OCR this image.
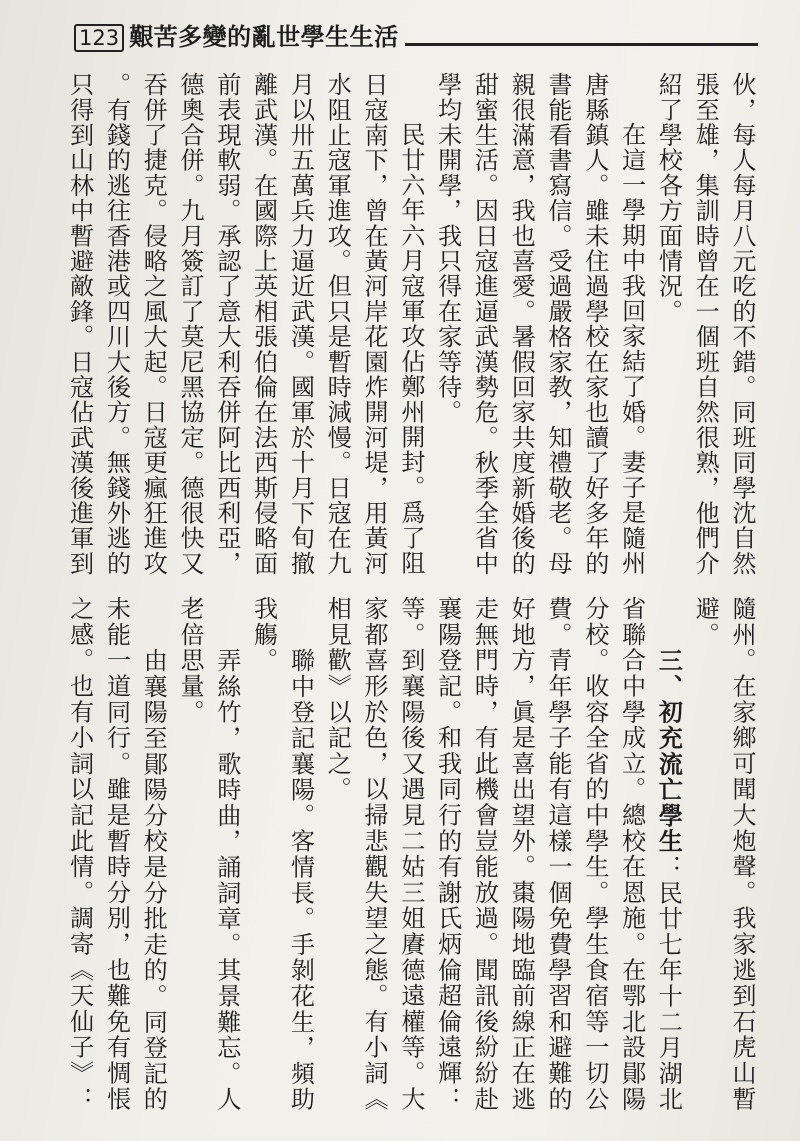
123 艱苦多變的亂世學生生活
伙，每人每月八元吃的不錯。同班同學沈自然
張至雄，集訓時曾在一個班自然很熟，他們介
紹了學校各方面情況。
在這一學期中我回家結了婚。妻子是隨州
唐縣鎮人。雖未住過學校在家也讀了好多年的
書能看書寫信。受過嚴格家教，知禮敬老。母
親很滿意，我也喜愛。暑假回家共度新婚後的
甜蜜生活。因日寇進逼武漢勢危。秋季全省中
學均未開學，我只得在家等待。
民廿六年六月寇軍攻佔鄭州開封。爲了阻
日寇南下，曾在黃河岸花園炸開河堤，用黃河
水阻止寇軍進攻。但只是暫時減慢。日寇在九
月以卅五萬兵力逼近武漢。國軍於十月下旬撤
離武漢。在國際上英相張伯倫在法西斯侵略面
前表現軟弱。承認了意大利吞併阿比西利亞，
德奧合併。九月簽訂了莫尼黑協定。德很快又
吞併了捷克。侵略之風大起。日寇更瘋狂進攻
。有錢的逃往香港或四川大後方。無錢外逃的
只得到山林中暫避敵鋒。日寇佔武漢後進軍到
隨州。在家鄉可聞大炮聲。我家逃到石虎山暫
避。
三、初充流亡學生：民廿七年十二月湖北
省聯合中學成立。總校在恩施。在鄂北設鄖陽
分校。收容全省的中學生。學生食宿等一切公
費。青年學子能有這樣一個免費學習和避難的
好地方，眞是喜出望外。棗陽地臨前線正在逃
走無門時，有此機會豈能放過。聞訊後紛紛赴
襄陽登記。和我同行的有謝氏炳倫超倫遠輝：
等。到襄陽後又遇見二姑三姐賡德遠權等。大
家都喜形於色，以掃悲觀失望之態。有小詞《
相見歡》以記之。
聯中登記襄陽。客情長。手剝花生，頻助
我觴。
弄絲竹，歌時曲，誦詞章。其景難忘。人
老倍思量。
由襄陽至鄖陽分校是分批走的。同登記的
未能一道同行。雖是暫時分別，也難免有惆悵
之感。也有小詞以記此情。調寄《天仙子》：
